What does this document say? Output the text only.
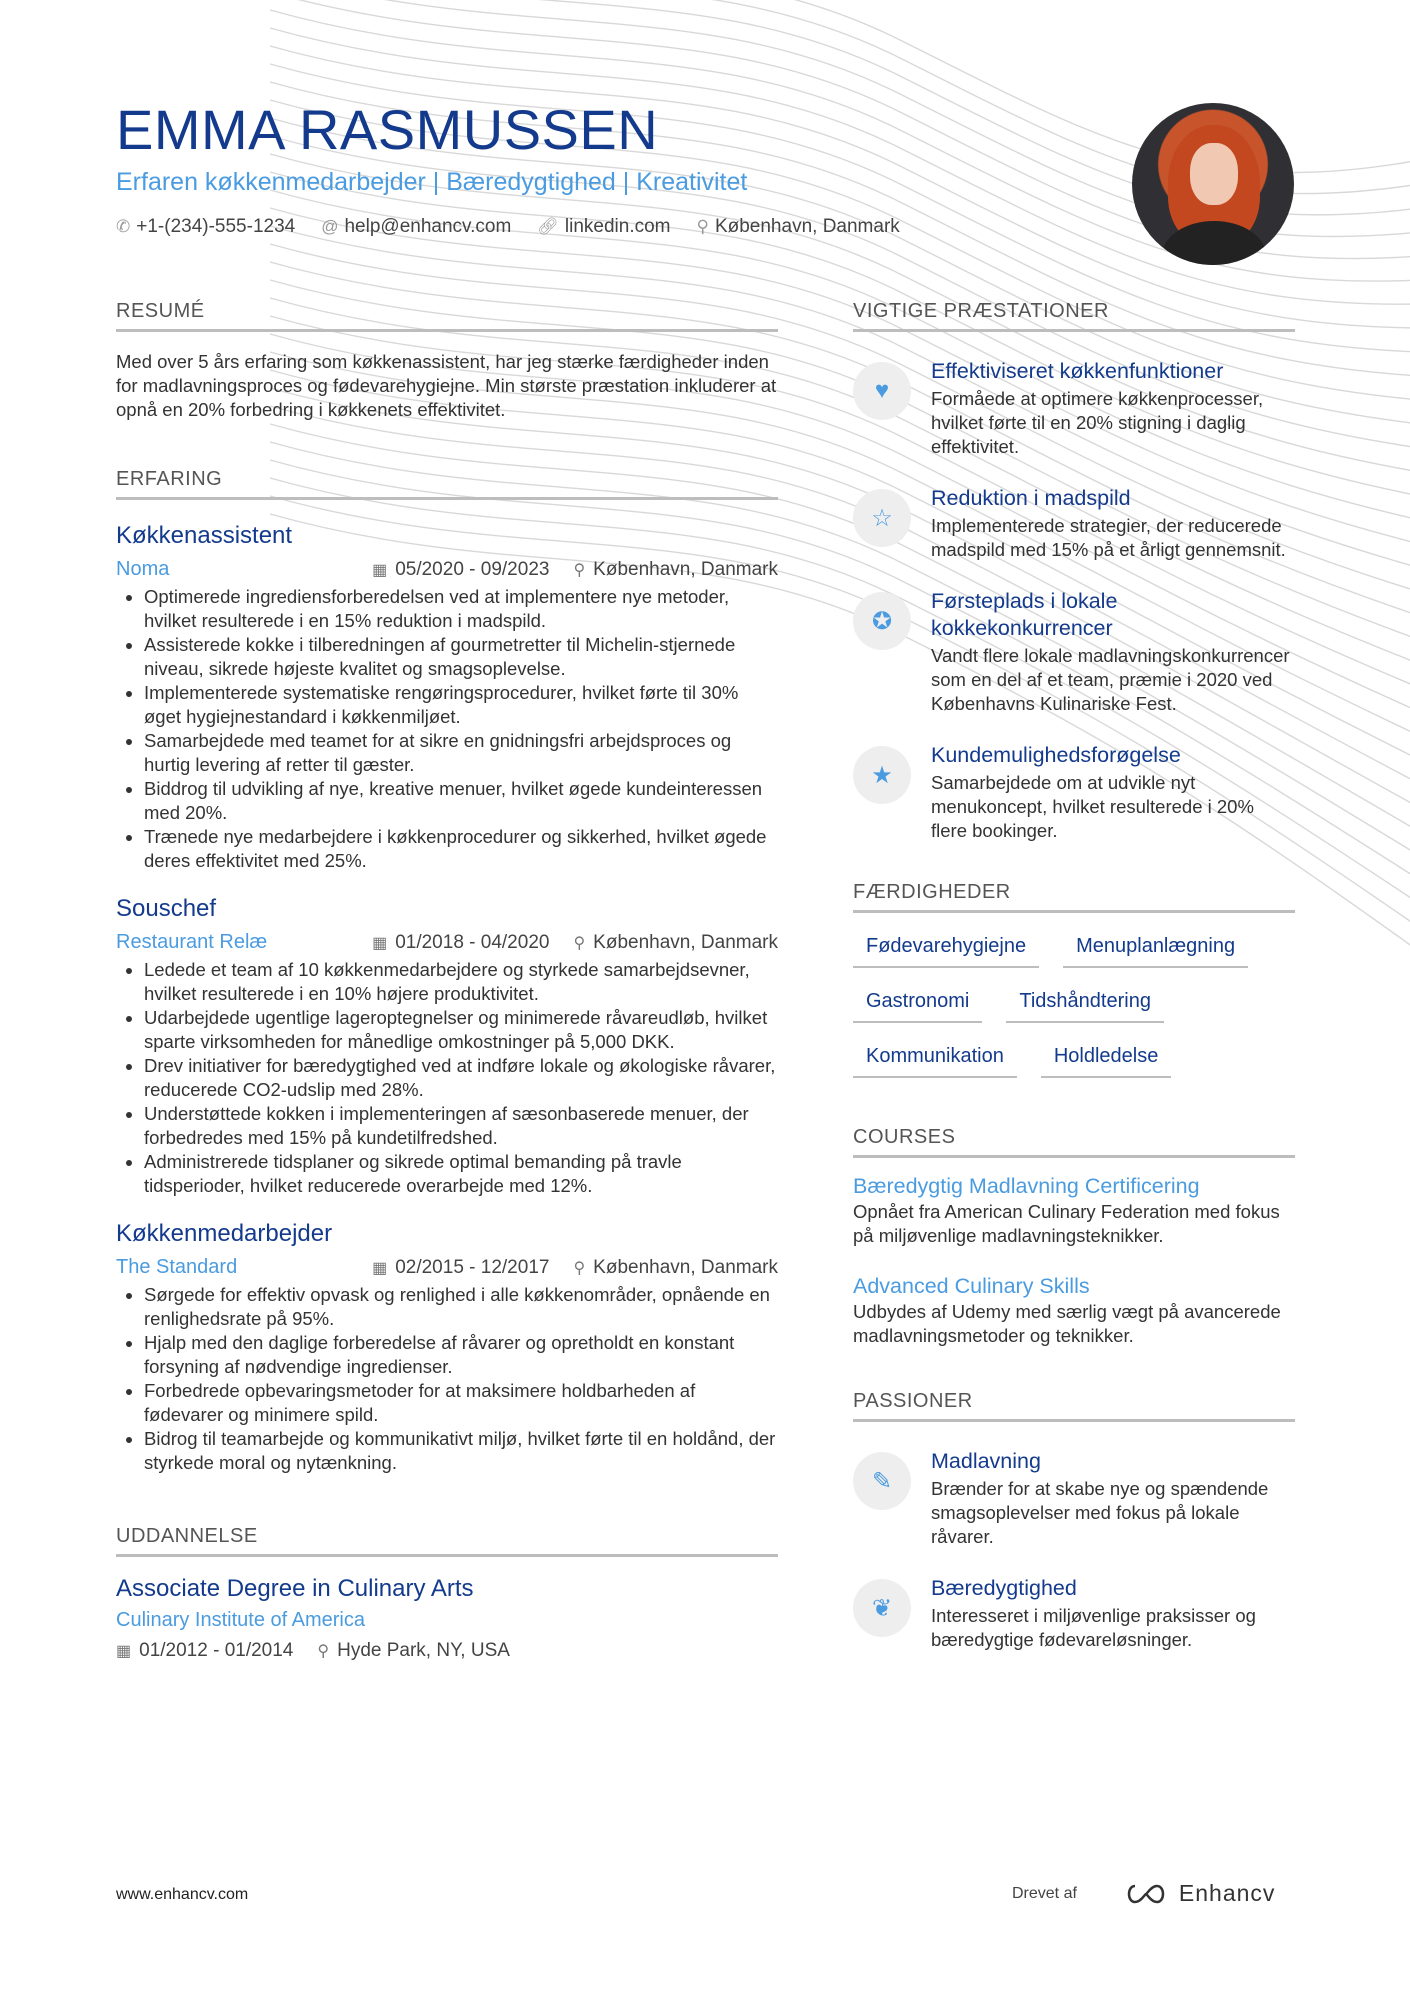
EMMA RASMUSSEN
Erfaren køkkenmedarbejder | Bæredygtighed | Kreativitet
✆ +1-(234)-555-1234 @ help@enhancv.com 🔗︎ linkedin.com ⚲ København, Danmark
RESUMÉ
Med over 5 års erfaring som køkkenassistent, har jeg stærke færdigheder inden for madlavningsproces og fødevarehygiejne. Min største præstation inkluderer at opnå en 20% forbedring i køkkenets effektivitet.
ERFARING
Køkkenassistent
Noma	▦ 05/2020 - 09/2023 ⚲ København, Danmark
• Optimerede ingrediensforberedelsen ved at implementere nye metoder, hvilket resulterede i en 15% reduktion i madspild.
• Assisterede kokke i tilberedningen af gourmetretter til Michelin-stjernede niveau, sikrede højeste kvalitet og smagsoplevelse.
• Implementerede systematiske rengøringsprocedurer, hvilket førte til 30% øget hygiejnestandard i køkkenmiljøet.
• Samarbejdede med teamet for at sikre en gnidningsfri arbejdsproces og hurtig levering af retter til gæster.
• Biddrog til udvikling af nye, kreative menuer, hvilket øgede kundeinteressen med 20%.
• Trænede nye medarbejdere i køkkenprocedurer og sikkerhed, hvilket øgede deres effektivitet med 25%.
Souschef
Restaurant Relæ	▦ 01/2018 - 04/2020 ⚲ København, Danmark
• Ledede et team af 10 køkkenmedarbejdere og styrkede samarbejdsevner, hvilket resulterede i en 10% højere produktivitet.
• Udarbejdede ugentlige lageroptegnelser og minimerede råvareudløb, hvilket sparte virksomheden for månedlige omkostninger på 5,000 DKK.
• Drev initiativer for bæredygtighed ved at indføre lokale og økologiske råvarer, reducerede CO2-udslip med 28%.
• Understøttede kokken i implementeringen af sæsonbaserede menuer, der forbedredes med 15% på kundetilfredshed.
• Administrerede tidsplaner og sikrede optimal bemanding på travle tidsperioder, hvilket reducerede overarbejde med 12%.
Køkkenmedarbejder
The Standard	▦ 02/2015 - 12/2017 ⚲ København, Danmark
• Sørgede for effektiv opvask og renlighed i alle køkkenområder, opnående en renlighedsrate på 95%.
• Hjalp med den daglige forberedelse af råvarer og opretholdt en konstant forsyning af nødvendige ingredienser.
• Forbedrede opbevaringsmetoder for at maksimere holdbarheden af fødevarer og minimere spild.
• Bidrog til teamarbejde og kommunikativt miljø, hvilket førte til en holdånd, der styrkede moral og nytænkning.
UDDANNELSE
Associate Degree in Culinary Arts
Culinary Institute of America
▦ 01/2012 - 01/2014 ⚲ Hyde Park, NY, USA
VIGTIGE PRÆSTATIONER
♥
Effektiviseret køkkenfunktioner
Formåede at optimere køkkenprocesser, hvilket førte til en 20% stigning i daglig effektivitet.
☆
Reduktion i madspild
Implementerede strategier, der reducerede madspild med 15% på et årligt gennemsnit.
✪
Førsteplads i lokale kokkekonkurrencer
Vandt flere lokale madlavningskonkurrencer som en del af et team, præmie i 2020 ved Københavns Kulinariske Fest.
★
Kundemulighedsforøgelse
Samarbejdede om at udvikle nyt menukoncept, hvilket resulterede i 20% flere bookinger.
FÆRDIGHEDER
Fødevarehygiejne	Menuplanlægning
Gastronomi	Tidshåndtering
Kommunikation	Holdledelse
COURSES
Bæredygtig Madlavning Certificering
Opnået fra American Culinary Federation med fokus på miljøvenlige madlavningsteknikker.
Advanced Culinary Skills
Udbydes af Udemy med særlig vægt på avancerede madlavningsmetoder og teknikker.
PASSIONER
✎
Madlavning
Brænder for at skabe nye og spændende smagsoplevelser med fokus på lokale råvarer.
❦
Bæredygtighed
Interesseret i miljøvenlige praksisser og bæredygtige fødevareløsninger.
www.enhancv.com	Drevet af	Enhancv
